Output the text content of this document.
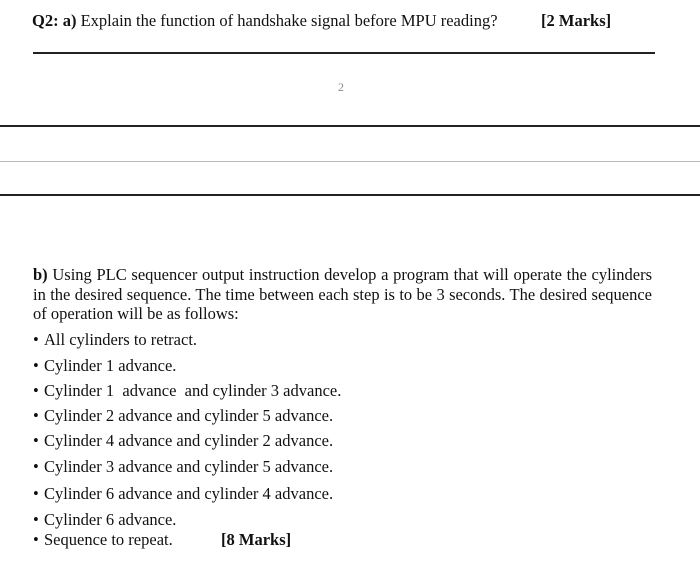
Q2: a) Explain the function of handshake signal before MPU reading?	[2 Marks]
2
b) Using PLC sequencer output instruction develop a program that will operate the cylinders in the desired sequence. The time between each step is to be 3 seconds. The desired sequence of operation will be as follows:
• All cylinders to retract.
• Cylinder 1 advance.
• Cylinder 1  advance  and cylinder 3 advance.
• Cylinder 2 advance and cylinder 5 advance.
• Cylinder 4 advance and cylinder 2 advance.
• Cylinder 3 advance and cylinder 5 advance.
• Cylinder 6 advance and cylinder 4 advance.
• Cylinder 6 advance.
• Sequence to repeat.	[8 Marks]
